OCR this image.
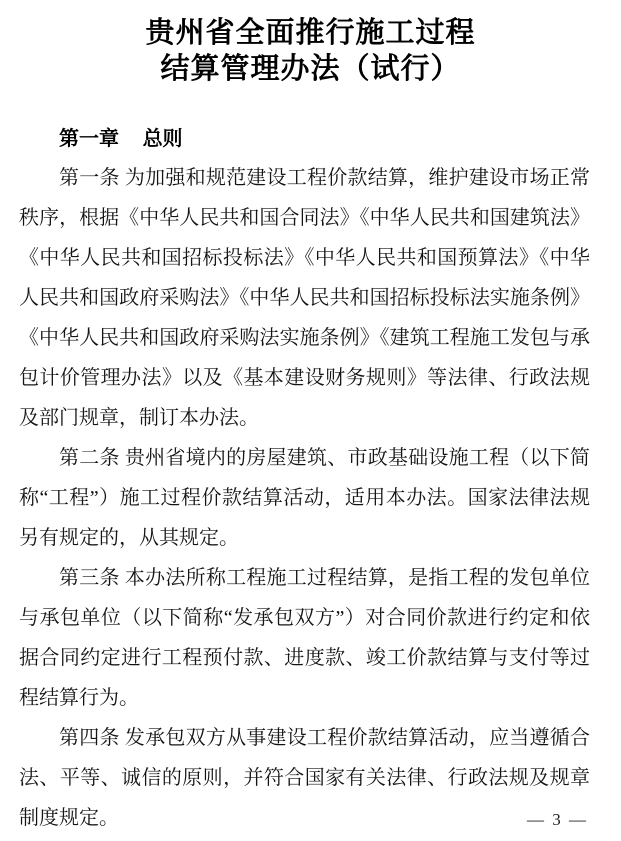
贵州省全面推行施工过程
结算管理办法（试行）
第一章 总则

第一条 为加强和规范建设工程价款结算，维护建设市场正常秩序，根据《中华人民共和国合同法》《中华人民共和国建筑法》《中华人民共和国招标投标法》《中华人民共和国预算法》《中华人民共和国政府采购法》《中华人民共和国招标投标法实施条例》《中华人民共和国政府采购法实施条例》《建筑工程施工发包与承包计价管理办法》以及《基本建设财务规则》等法律、行政法规及部门规章，制订本办法。

第二条 贵州省境内的房屋建筑、市政基础设施工程（以下简称“工程”）施工过程价款结算活动，适用本办法。国家法律法规另有规定的，从其规定。

第三条 本办法所称工程施工过程结算，是指工程的发包单位与承包单位（以下简称“发承包双方”）对合同价款进行约定和依据合同约定进行工程预付款、进度款、竣工价款结算与支付等过程结算行为。

第四条 发承包双方从事建设工程价款结算活动，应当遵循合法、平等、诚信的原则，并符合国家有关法律、行政法规及规章制度规定。	— 3 —
